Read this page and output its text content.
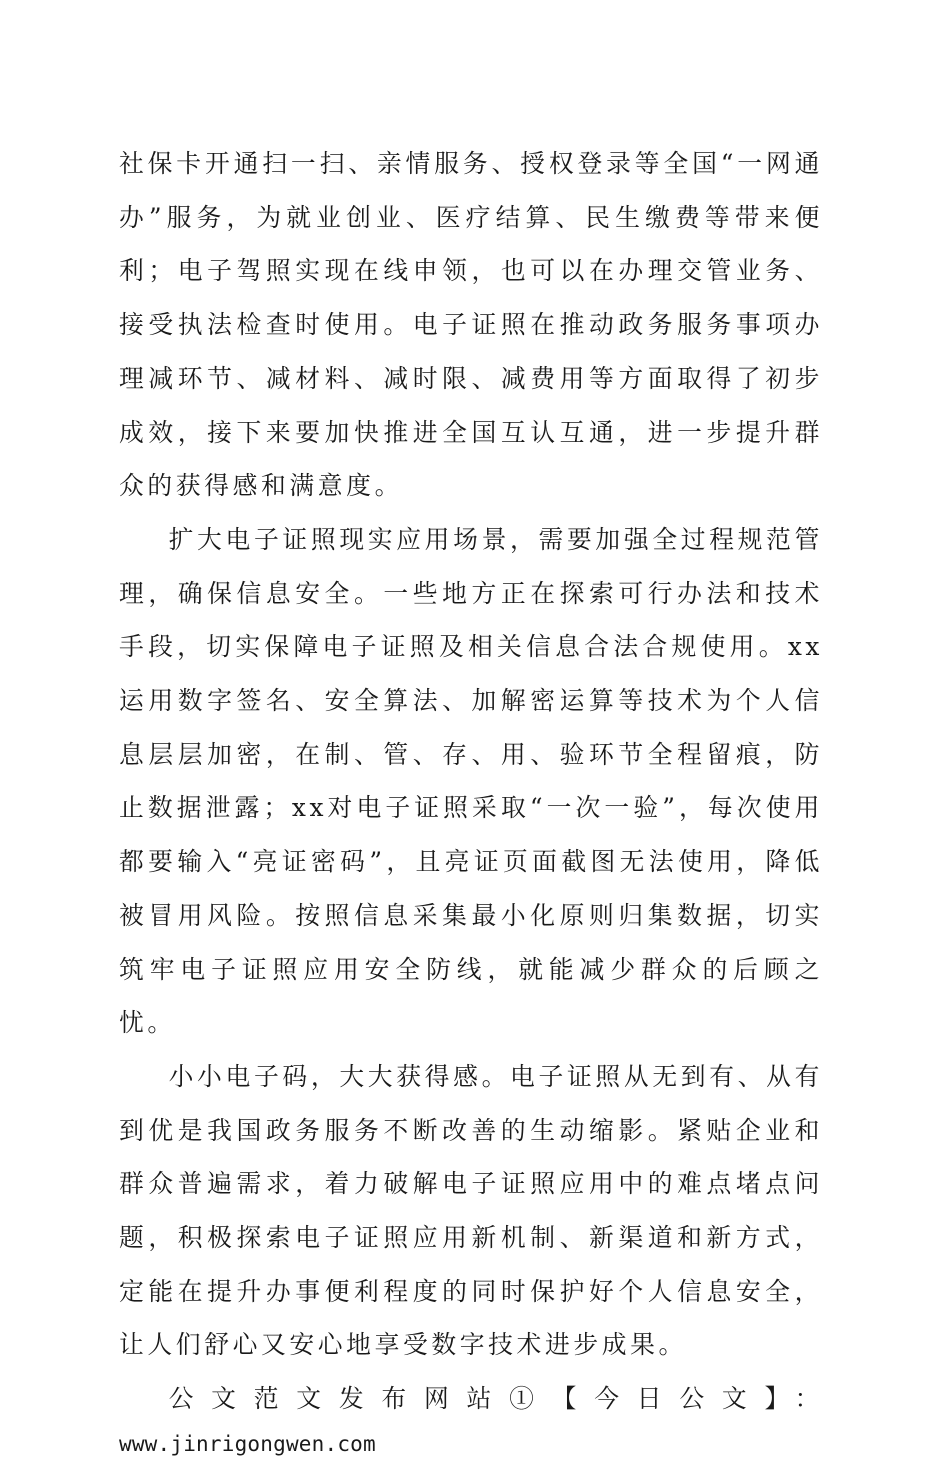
社保卡开通扫一扫、亲情服务、授权登录等全国“一网通办”服务，为就业创业、医疗结算、民生缴费等带来便利；电子驾照实现在线申领，也可以在办理交管业务、接受执法检查时使用。电子证照在推动政务服务事项办理减环节、减材料、减时限、减费用等方面取得了初步成效，接下来要加快推进全国互认互通，进一步提升群众的获得感和满意度。

扩大电子证照现实应用场景，需要加强全过程规范管理，确保信息安全。一些地方正在探索可行办法和技术手段，切实保障电子证照及相关信息合法合规使用。xx运用数字签名、安全算法、加解密运算等技术为个人信息层层加密，在制、管、存、用、验环节全程留痕，防止数据泄露；xx对电子证照采取“一次一验”，每次使用都要输入“亮证密码”，且亮证页面截图无法使用，降低被冒用风险。按照信息采集最小化原则归集数据，切实筑牢电子证照应用安全防线，就能减少群众的后顾之忧。

小小电子码，大大获得感。电子证照从无到有、从有到优是我国政务服务不断改善的生动缩影。紧贴企业和群众普遍需求，着力破解电子证照应用中的难点堵点问题，积极探索电子证照应用新机制、新渠道和新方式，定能在提升办事便利程度的同时保护好个人信息安全，让人们舒心又安心地享受数字技术进步成果。

公文范文发布网站①【今日公文】：

www.jinrigongwen.com
